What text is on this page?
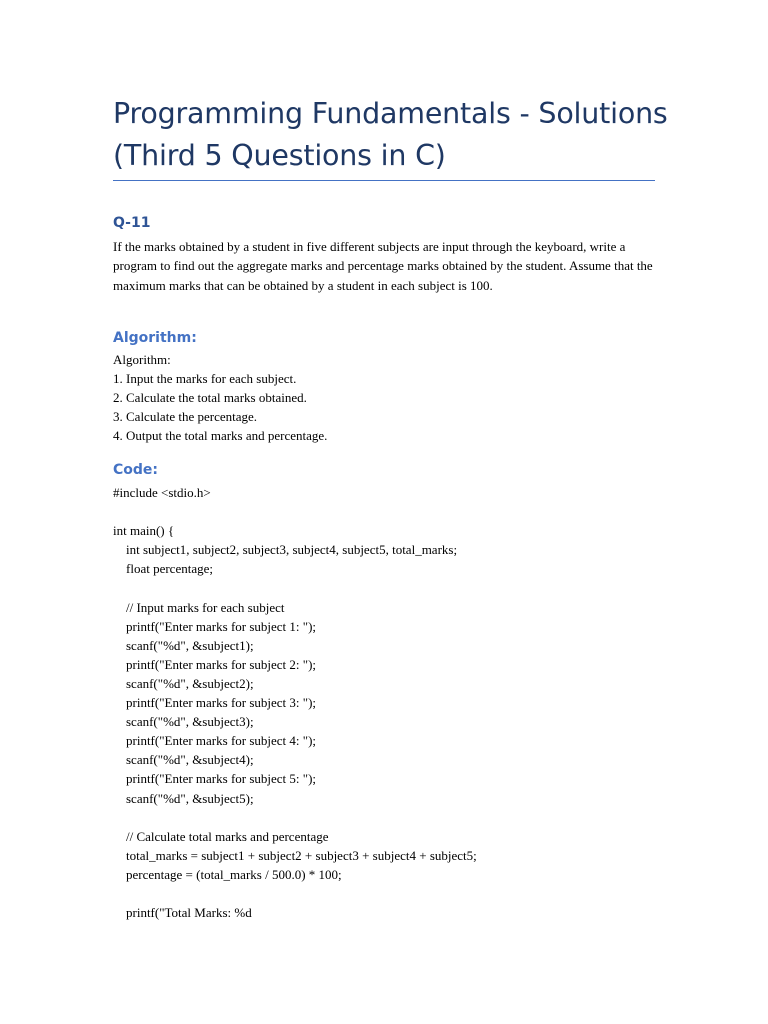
Programming Fundamentals - Solutions (Third 5 Questions in C)
Q-11

If the marks obtained by a student in five different subjects are input through the keyboard, write a program to find out the aggregate marks and percentage marks obtained by the student. Assume that the maximum marks that can be obtained by a student in each subject is 100.

Algorithm:
Algorithm:
1. Input the marks for each subject.
2. Calculate the total marks obtained.
3. Calculate the percentage.
4. Output the total marks and percentage.
Code:
#include <stdio.h>
int main() {
int subject1, subject2, subject3, subject4, subject5, total_marks;
float percentage;
// Input marks for each subject
printf("Enter marks for subject 1: ");
scanf("%d", &subject1);
printf("Enter marks for subject 2: ");
scanf("%d", &subject2);
printf("Enter marks for subject 3: ");
scanf("%d", &subject3);
printf("Enter marks for subject 4: ");
scanf("%d", &subject4);
printf("Enter marks for subject 5: ");
scanf("%d", &subject5);
// Calculate total marks and percentage
total_marks = subject1 + subject2 + subject3 + subject4 + subject5;
percentage = (total_marks / 500.0) * 100;
printf("Total Marks: %d
